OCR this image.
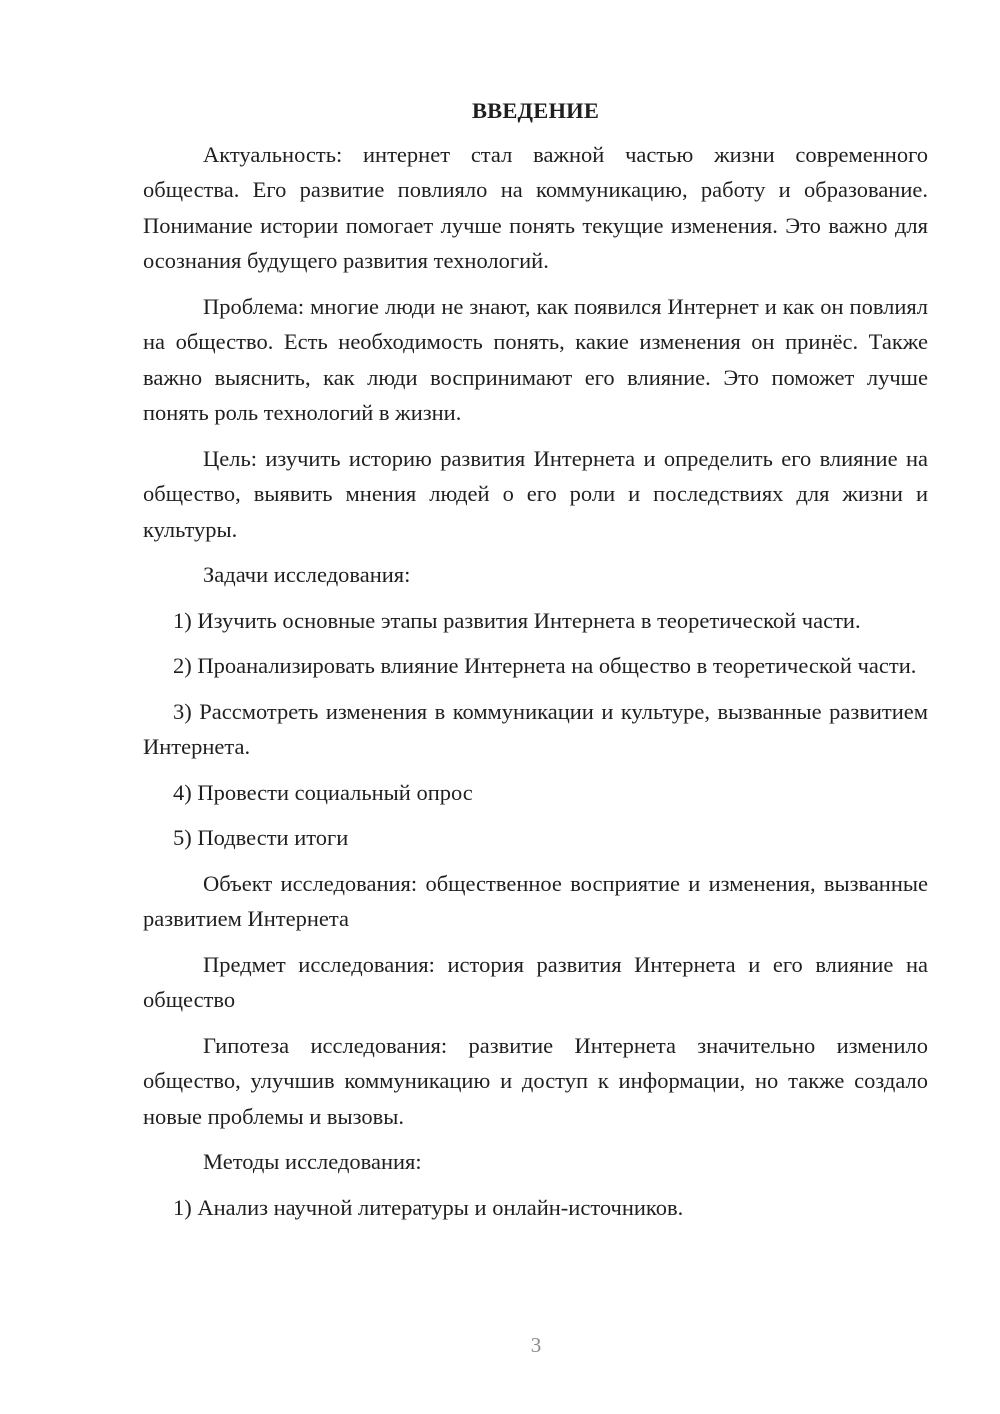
ВВЕДЕНИЕ

Актуальность: интернет стал важной частью жизни современного общества. Его развитие повлияло на коммуникацию, работу и образование. Понимание истории помогает лучше понять текущие изменения. Это важно для осознания будущего развития технологий.

Проблема: многие люди не знают, как появился Интернет и как он повлиял на общество. Есть необходимость понять, какие изменения он принёс. Также важно выяснить, как люди воспринимают его влияние. Это поможет лучше понять роль технологий в жизни.

Цель: изучить историю развития Интернета и определить его влияние на общество, выявить мнения людей о его роли и последствиях для жизни и культуры.

Задачи исследования:

1) Изучить основные этапы развития Интернета в теоретической части.

2) Проанализировать влияние Интернета на общество в теоретической части.

3) Рассмотреть изменения в коммуникации и культуре, вызванные развитием Интернета.

4) Провести социальный опрос

5) Подвести итоги

Объект исследования: общественное восприятие и изменения, вызванные развитием Интернета

Предмет исследования: история развития Интернета и его влияние на общество

Гипотеза исследования: развитие Интернета значительно изменило общество, улучшив коммуникацию и доступ к информации, но также создало новые проблемы и вызовы.

Методы исследования:

1) Анализ научной литературы и онлайн-источников.

3
